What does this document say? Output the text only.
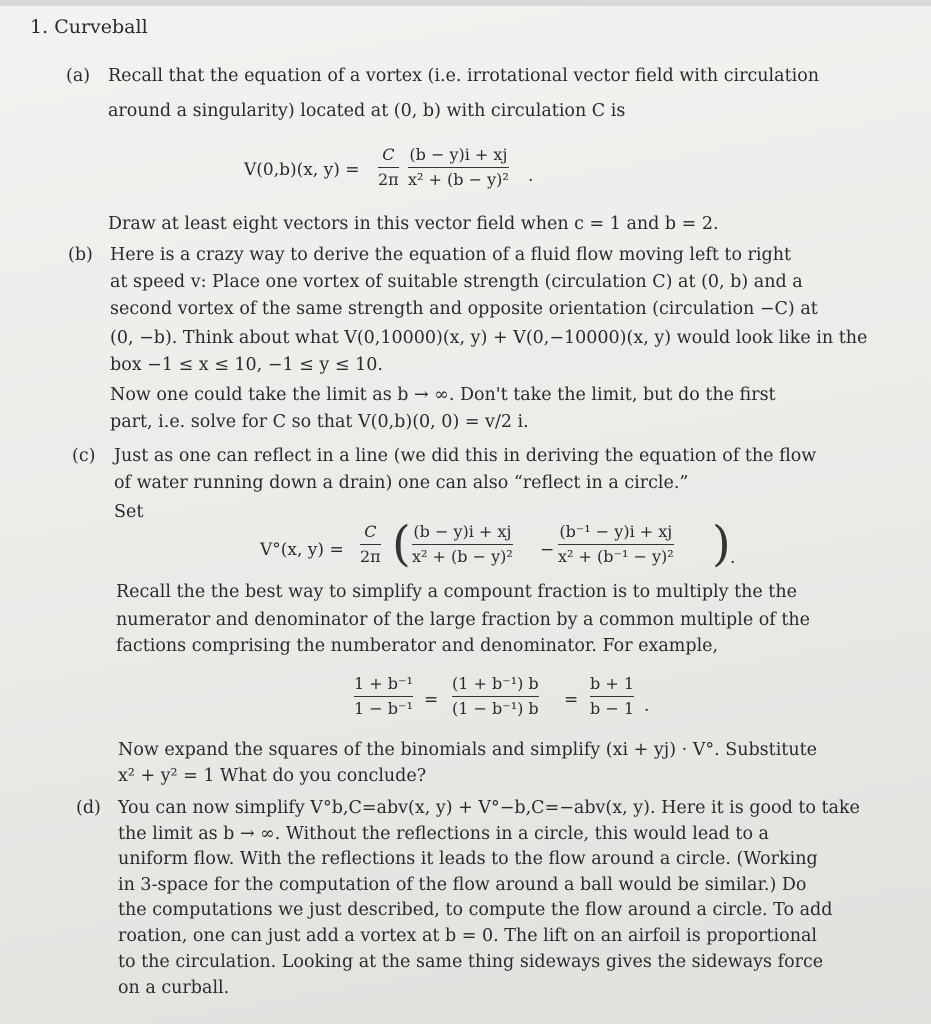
1. Curveball
(a) Recall that the equation of a vortex (i.e. irrotational vector field with circulation
around a singularity) located at (0, b) with circulation C is
V(0,b)(x, y) =
C
2π
(b − y)i + xj
x² + (b − y)² .
Draw at least eight vectors in this vector field when c = 1 and b = 2.
(b) Here is a crazy way to derive the equation of a fluid flow moving left to right
at speed v: Place one vortex of suitable strength (circulation C) at (0, b) and a
second vortex of the same strength and opposite orientation (circulation −C) at
(0, −b). Think about what V(0,10000)(x, y) + V(0,−10000)(x, y) would look like in the
box −1 ≤ x ≤ 10, −1 ≤ y ≤ 10.
Now one could take the limit as b → ∞. Don't take the limit, but do the first
part, i.e. solve for C so that V(0,b)(0, 0) = v/2 i.
(c) Just as one can reflect in a line (we did this in deriving the equation of the flow
of water running down a drain) one can also “reflect in a circle.”
Set
V°(x, y) =
C
2π ( (b − y)i + xj
x² + (b − y)² −
(b⁻¹ − y)i + xj
x² + (b⁻¹ − y)² ) .
Recall the the best way to simplify a compount fraction is to multiply the the
numerator and denominator of the large fraction by a common multiple of the
factions comprising the numberator and denominator. For example,
1 + b⁻¹
1 − b⁻¹ =
(1 + b⁻¹) b
(1 − b⁻¹) b =
b + 1
b − 1 .
Now expand the squares of the binomials and simplify (xi + yj) · V°. Substitute
x² + y² = 1 What do you conclude?
(d) You can now simplify V°b,C=abv(x, y) + V°−b,C=−abv(x, y). Here it is good to take
the limit as b → ∞. Without the reflections in a circle, this would lead to a
uniform flow. With the reflections it leads to the flow around a circle. (Working
in 3-space for the computation of the flow around a ball would be similar.) Do
the computations we just described, to compute the flow around a circle. To add
roation, one can just add a vortex at b = 0. The lift on an airfoil is proportional
to the circulation. Looking at the same thing sideways gives the sideways force
on a curball.
